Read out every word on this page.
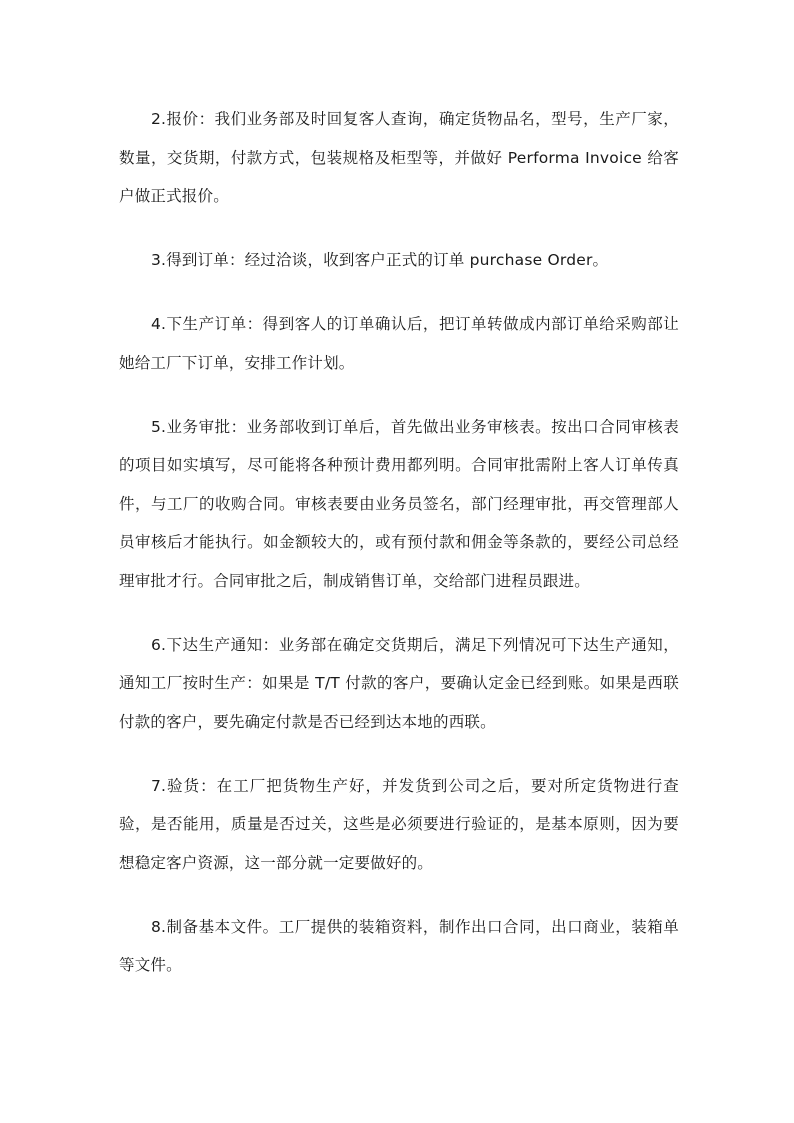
2.报价：我们业务部及时回复客人查询，确定货物品名，型号，生产厂家，数量，交货期，付款方式，包装规格及柜型等，并做好 Performa Invoice 给客户做正式报价。

3.得到订单：经过洽谈，收到客户正式的订单 purchase Order。

4.下生产订单：得到客人的订单确认后，把订单转做成内部订单给采购部让她给工厂下订单，安排工作计划。

5.业务审批：业务部收到订单后，首先做出业务审核表。按出口合同审核表的项目如实填写，尽可能将各种预计费用都列明。合同审批需附上客人订单传真件，与工厂的收购合同。审核表要由业务员签名，部门经理审批，再交管理部人员审核后才能执行。如金额较大的，或有预付款和佣金等条款的，要经公司总经理审批才行。合同审批之后，制成销售订单，交给部门进程员跟进。

6.下达生产通知：业务部在确定交货期后，满足下列情况可下达生产通知，通知工厂按时生产：如果是 T/T 付款的客户，要确认定金已经到账。如果是西联付款的客户，要先确定付款是否已经到达本地的西联。

7.验货：在工厂把货物生产好，并发货到公司之后，要对所定货物进行查验，是否能用，质量是否过关，这些是必须要进行验证的，是基本原则，因为要想稳定客户资源，这一部分就一定要做好的。

8.制备基本文件。工厂提供的装箱资料，制作出口合同，出口商业，装箱单等文件。
